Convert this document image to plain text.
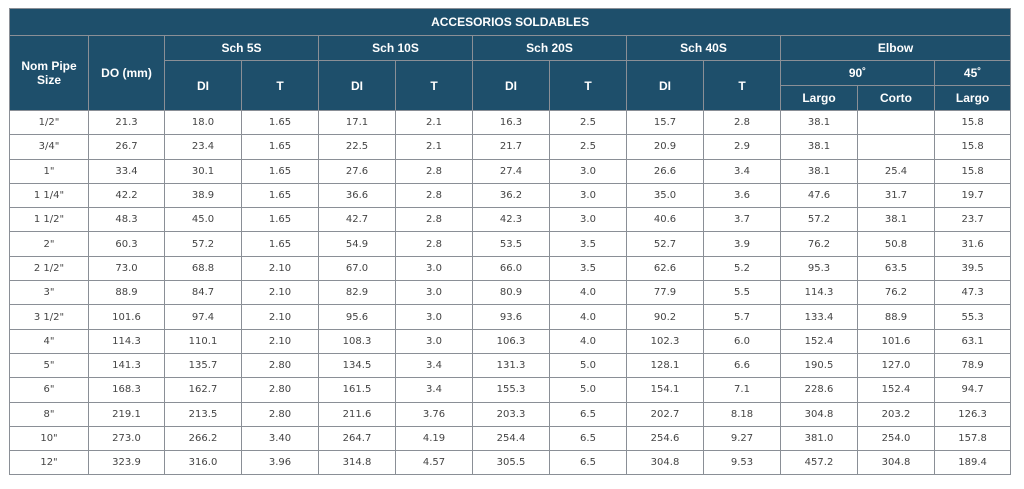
ACCESORIOS SOLDABLES												
Nom Pipe Size	DO (mm)	Sch 5S		Sch 10S		Sch 20S		Sch 40S		Elbow		
		DI	T	DI	T	DI	T	DI	T	90˚		45˚
										Largo	Corto	Largo
1/2"	21.3	18.0	1.65	17.1	2.1	16.3	2.5	15.7	2.8	38.1		15.8
3/4"	26.7	23.4	1.65	22.5	2.1	21.7	2.5	20.9	2.9	38.1		15.8
1"	33.4	30.1	1.65	27.6	2.8	27.4	3.0	26.6	3.4	38.1	25.4	15.8
1 1/4"	42.2	38.9	1.65	36.6	2.8	36.2	3.0	35.0	3.6	47.6	31.7	19.7
1 1/2"	48.3	45.0	1.65	42.7	2.8	42.3	3.0	40.6	3.7	57.2	38.1	23.7
2"	60.3	57.2	1.65	54.9	2.8	53.5	3.5	52.7	3.9	76.2	50.8	31.6
2 1/2"	73.0	68.8	2.10	67.0	3.0	66.0	3.5	62.6	5.2	95.3	63.5	39.5
3"	88.9	84.7	2.10	82.9	3.0	80.9	4.0	77.9	5.5	114.3	76.2	47.3
3 1/2"	101.6	97.4	2.10	95.6	3.0	93.6	4.0	90.2	5.7	133.4	88.9	55.3
4"	114.3	110.1	2.10	108.3	3.0	106.3	4.0	102.3	6.0	152.4	101.6	63.1
5"	141.3	135.7	2.80	134.5	3.4	131.3	5.0	128.1	6.6	190.5	127.0	78.9
6"	168.3	162.7	2.80	161.5	3.4	155.3	5.0	154.1	7.1	228.6	152.4	94.7
8"	219.1	213.5	2.80	211.6	3.76	203.3	6.5	202.7	8.18	304.8	203.2	126.3
10"	273.0	266.2	3.40	264.7	4.19	254.4	6.5	254.6	9.27	381.0	254.0	157.8
12"	323.9	316.0	3.96	314.8	4.57	305.5	6.5	304.8	9.53	457.2	304.8	189.4
